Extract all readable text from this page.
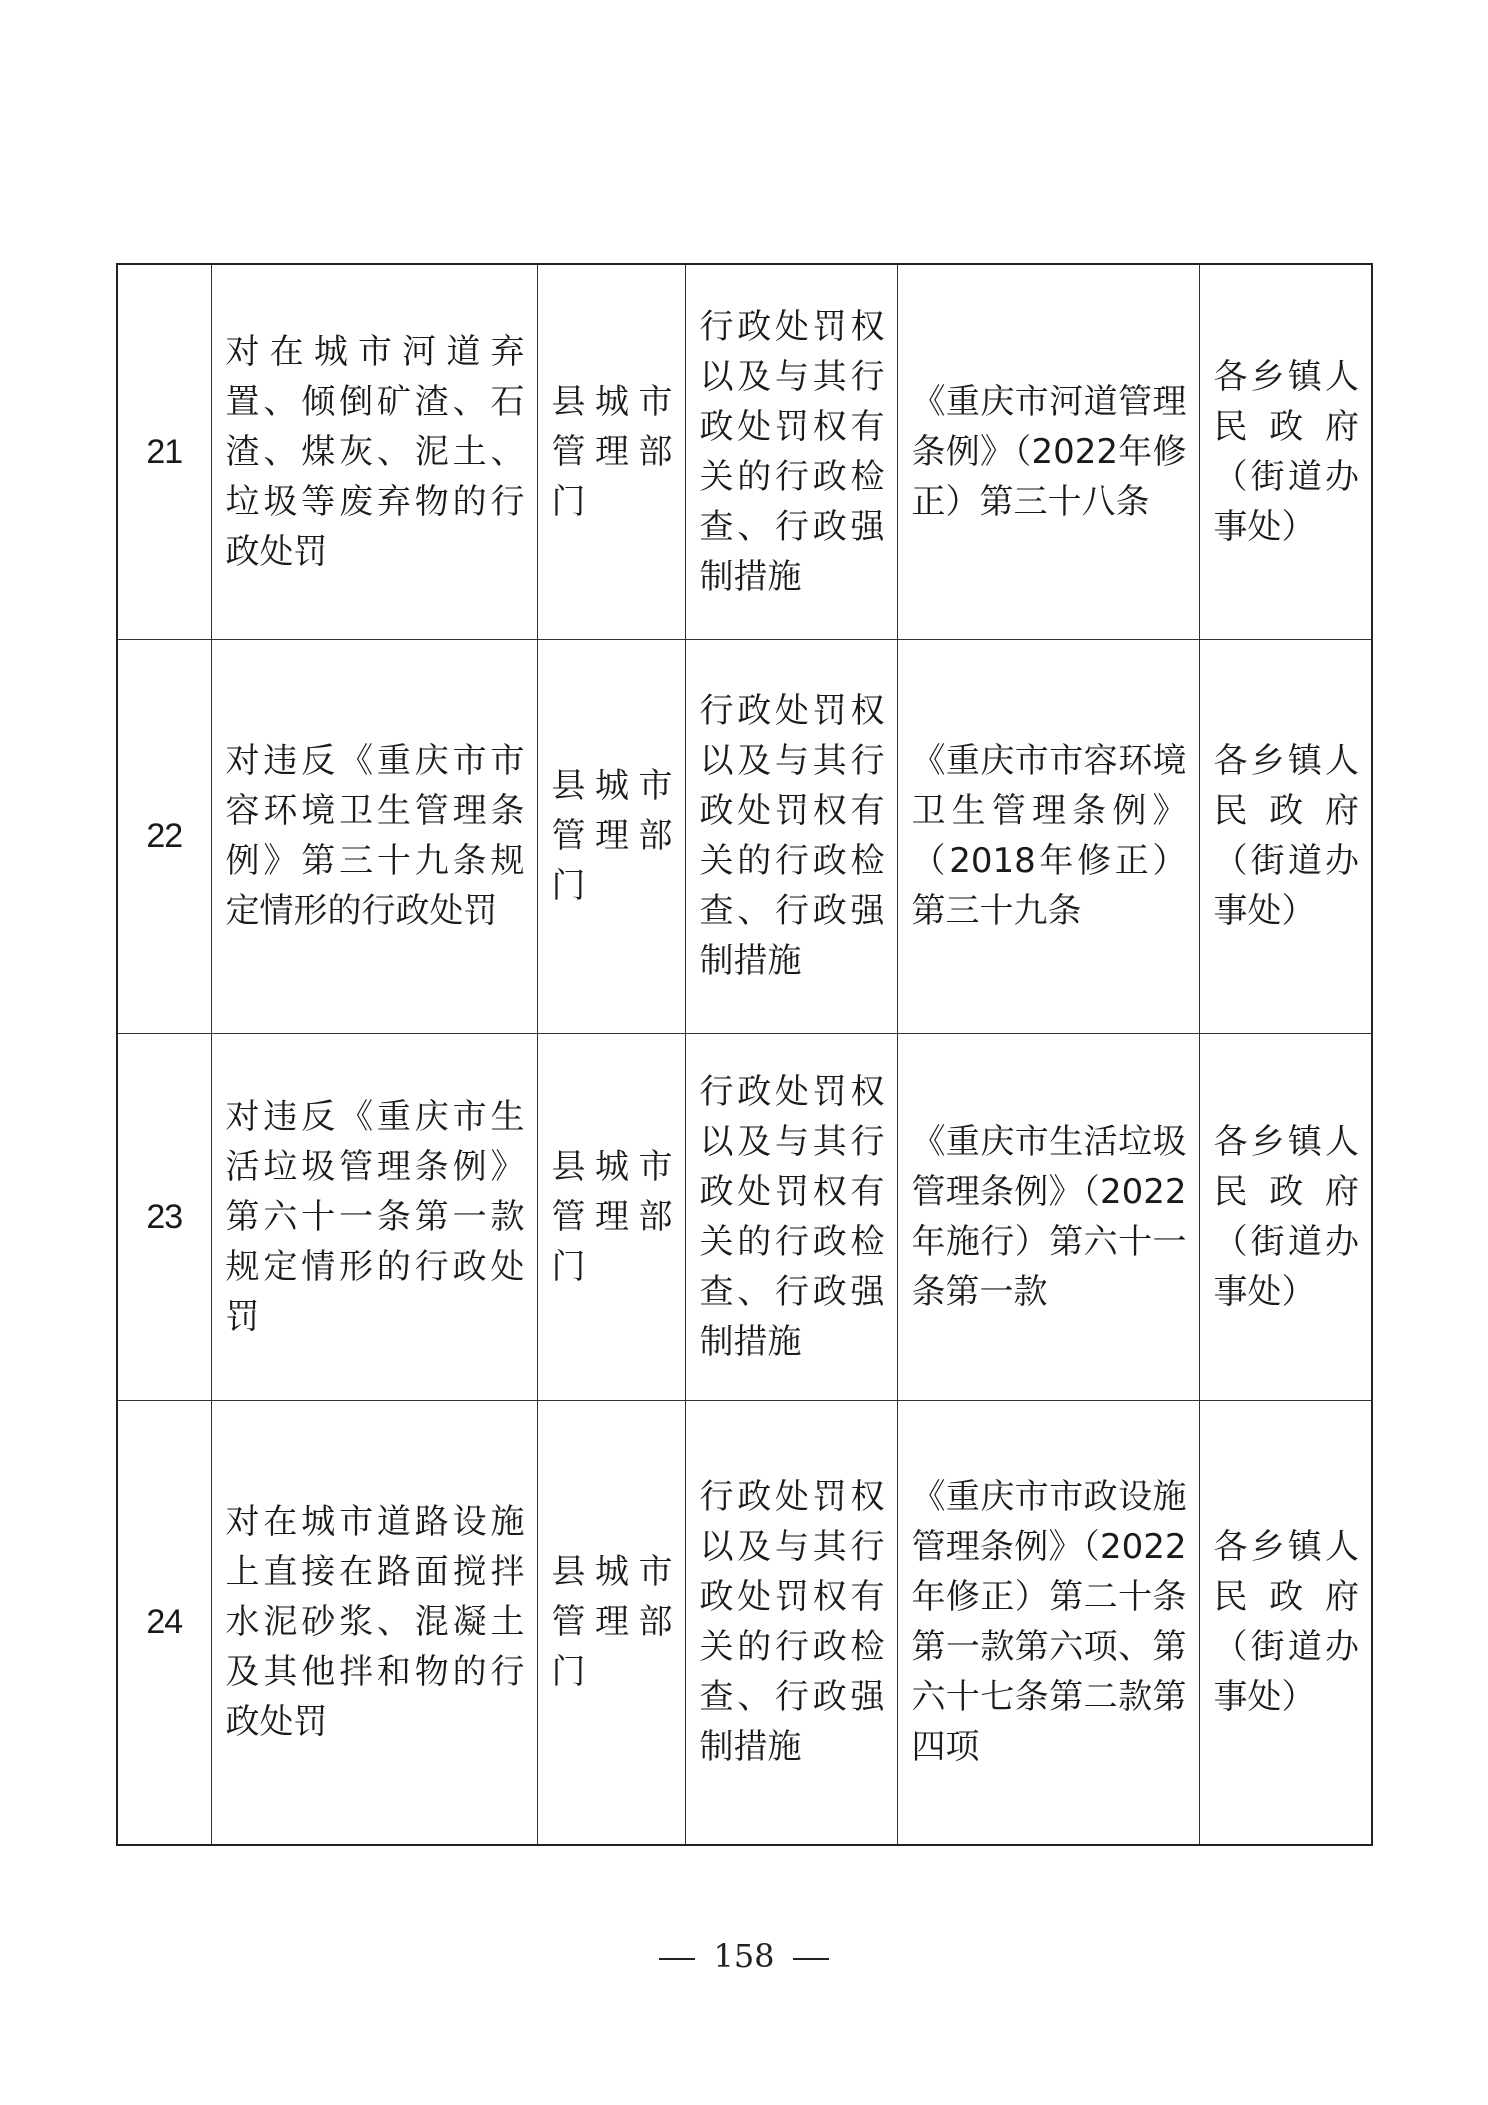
21	对在城市河道弃置、倾倒矿渣、石渣、煤灰、泥土、垃圾等废弃物的行政处罚	县城市管理部门	行政处罚权以及与其行政处罚权有关的行政检查、行政强制措施	《重庆市河道管理条例》（2022年修正）第三十八条	各乡镇人民政府（街道办事处）
22	对违反《重庆市市容环境卫生管理条例》第三十九条规定情形的行政处罚	县城市管理部门	行政处罚权以及与其行政处罚权有关的行政检查、行政强制措施	《重庆市市容环境卫生管理条例》（2018年修正）第三十九条	各乡镇人民政府（街道办事处）
23	对违反《重庆市生活垃圾管理条例》第六十一条第一款规定情形的行政处罚	县城市管理部门	行政处罚权以及与其行政处罚权有关的行政检查、行政强制措施	《重庆市生活垃圾管理条例》（2022年施行）第六十一条第一款	各乡镇人民政府（街道办事处）
24	对在城市道路设施上直接在路面搅拌水泥砂浆、混凝土及其他拌和物的行政处罚	县城市管理部门	行政处罚权以及与其行政处罚权有关的行政检查、行政强制措施	《重庆市市政设施管理条例》（2022年修正）第二十条第一款第六项、第六十七条第二款第四项	各乡镇人民政府（街道办事处）
158
